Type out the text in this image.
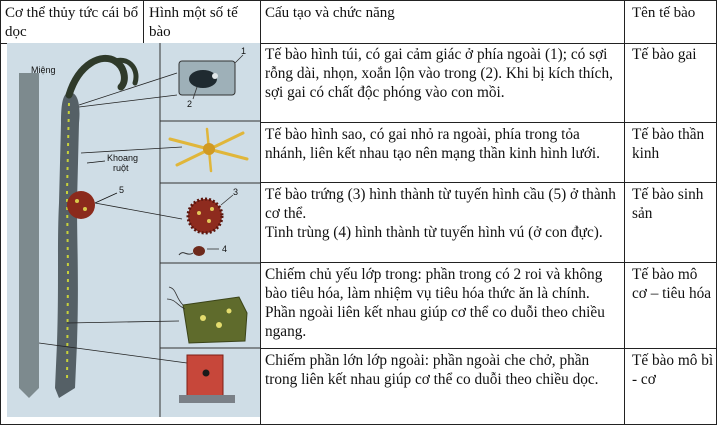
Cơ thể thủy tức cái bổ dọc
Hình một số tế bào
Cấu tạo và chức năng	Tên tế bào
Miệng
Khoang
ruột
5
1
2
3
4
Tế bào hình túi, có gai cảm giác ở phía ngoài (1); có sợi rỗng dài, nhọn, xoắn lộn vào trong (2). Khi bị kích thích, sợi gai có chất độc phóng vào con mồi.
Tế bào gai
Tế bào hình sao, có gai nhỏ ra ngoài, phía trong tỏa nhánh, liên kết nhau tạo nên mạng thần kinh hình lưới.
Tế bào thần kinh
Tế bào trứng (3) hình thành từ tuyến hình cầu (5) ở thành cơ thể.
Tinh trùng (4) hình thành từ tuyến hình vú (ở con đực).
Tế bào sinh sản
Chiếm chủ yếu lớp trong: phần trong có 2 roi và không bào tiêu hóa, làm nhiệm vụ tiêu hóa thức ăn là chính. Phần ngoài liên kết nhau giúp cơ thể co duỗi theo chiều ngang.
Tế bào mô cơ – tiêu hóa
Chiếm phần lớn lớp ngoài: phần ngoài che chở, phần trong liên kết nhau giúp cơ thể co duỗi theo chiều dọc.
Tế bào mô bì - cơ
